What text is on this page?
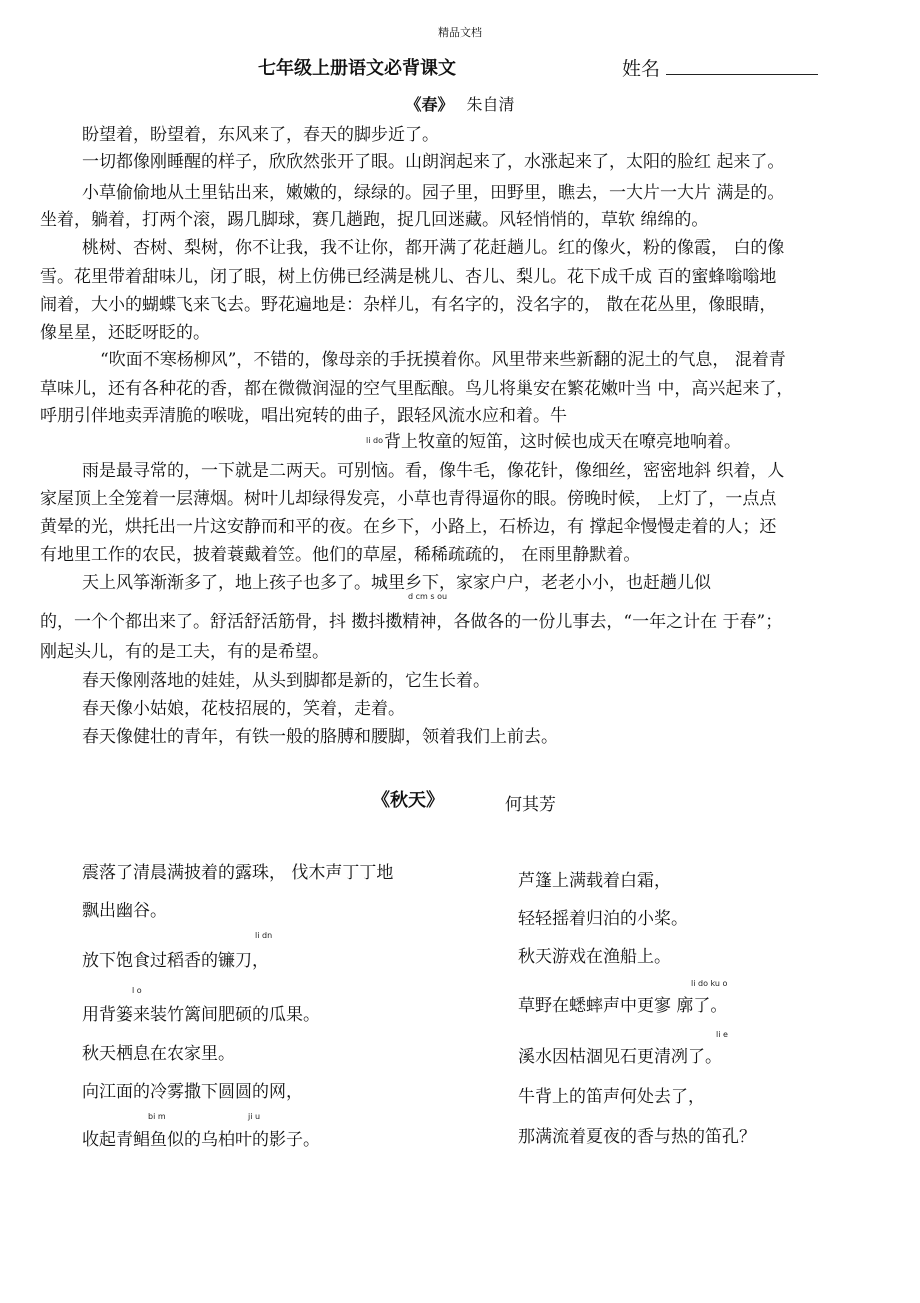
精品文档
七年级上册语文必背课文	姓名
《春》 朱自清
盼望着，盼望着，东风来了，春天的脚步近了。
一切都像刚睡醒的样子，欣欣然张开了眼。山朗润起来了，水涨起来了，太阳的脸红 起来了。
小草偷偷地从土里钻出来，嫩嫩的，绿绿的。园子里，田野里，瞧去，一大片一大片 满是的。
坐着，躺着，打两个滚，踢几脚球，赛几趟跑，捉几回迷藏。风轻悄悄的，草软 绵绵的。
桃树、杏树、梨树，你不让我，我不让你，都开满了花赶趟儿。红的像火，粉的像霞， 白的像
雪。花里带着甜味儿，闭了眼，树上仿佛已经满是桃儿、杏儿、梨儿。花下成千成 百的蜜蜂嗡嗡地
闹着，大小的蝴蝶飞来飞去。野花遍地是：杂样儿，有名字的，没名字的， 散在花丛里，像眼睛，
像星星，还眨呀眨的。
“吹面不寒杨柳风”，不错的，像母亲的手抚摸着你。风里带来些新翻的泥土的气息， 混着青
草味儿，还有各种花的香，都在微微润湿的空气里酝酿。鸟儿将巢安在繁花嫩叶当 中，高兴起来了，
呼朋引伴地卖弄清脆的喉咙，唱出宛转的曲子，跟轻风流水应和着。牛
li do 背上牧童的短笛，这时候也成天在嘹亮地响着。
雨是最寻常的，一下就是二两天。可别恼。看，像牛毛，像花针，像细丝，密密地斜 织着，人
家屋顶上全笼着一层薄烟。树叶儿却绿得发亮，小草也青得逼你的眼。傍晚时候， 上灯了，一点点
黄晕的光，烘托出一片这安静而和平的夜。在乡下，小路上，石桥边，有 撑起伞慢慢走着的人；还
有地里工作的农民，披着蓑戴着笠。他们的草屋，稀稀疏疏的， 在雨里静默着。
天上风筝渐渐多了，地上孩子也多了。城里乡下，家家户户，老老小小，也赶趟儿似
d cm s ou
的，一个个都出来了。舒活舒活筋骨，抖 擞抖擞精神，各做各的一份儿事去，“一年之计在 于春”；
刚起头儿，有的是工夫，有的是希望。
春天像刚落地的娃娃，从头到脚都是新的，它生长着。
春天像小姑娘，花枝招展的，笑着，走着。
春天像健壮的青年，有铁一般的胳膊和腰脚，领着我们上前去。
《秋天》	何其芳
震落了清晨满披着的露珠， 伐木声丁丁地
飘出幽谷。
li dn
放下饱食过稻香的镰刀，
l o
用背篓来装竹篱间肥硕的瓜果。
秋天栖息在农家里。
向江面的冷雾撒下圆圆的网，
bi m	ji u
收起青鲳鱼似的乌柏叶的影子。
芦篷上满载着白霜，
轻轻摇着归泊的小桨。
秋天游戏在渔船上。
li do ku o
草野在蟋蟀声中更寥 廓了。
li e
溪水因枯涸见石更清冽了。
牛背上的笛声何处去了，
那满流着夏夜的香与热的笛孔？
